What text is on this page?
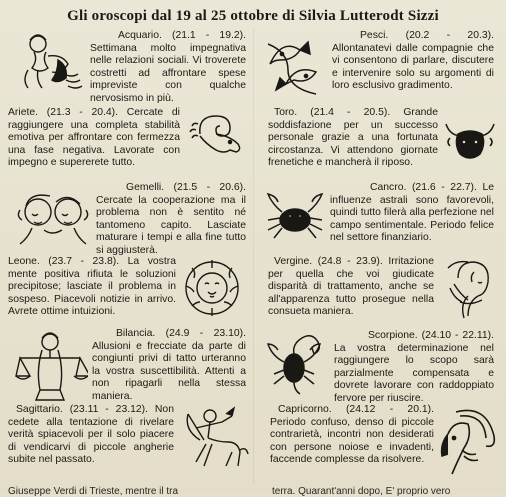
Gli oroscopi dal 19 al 25 ottobre di Silvia Lutterodt Sizzi
Acquario. (21.1 - 19.2). Settimana molto impegnativa nelle relazioni sociali. Vi troverete costretti ad affrontare spese impreviste con qualche nervosismo in più.
Pesci. (20.2 - 20.3). Allontanatevi dalle compagnie che vi consentono di parlare, discutere e intervenire solo su argomenti di loro esclusivo gradimento.
Ariete. (21.3 - 20.4). Cercate di raggiungere una completa stabilità emotiva per affrontare con fermezza una fase negativa. Lavorate con impegno e supererete tutto.
Toro. (21.4 - 20.5). Grande soddisfazione per un successo personale grazie a una fortunata circostanza. Vi attendono giornate frenetiche e mancherà il riposo.
Gemelli. (21.5 - 20.6). Cercate la cooperazione ma il problema non è sentito né tantomeno capito. Lasciate maturare i tempi e alla fine tutto si aggiusterà.
Cancro. (21.6 - 22.7). Le influenze astrali sono favorevoli, quindi tutto filerà alla perfezione nel campo sentimentale. Periodo felice nel settore finanziario.
Leone. (23.7 - 23.8). La vostra mente positiva rifiuta le soluzioni precipitose; lasciate il problema in sospeso. Piacevoli notizie in arrivo. Avrete ottime intuizioni.
Vergine. (24.8 - 23.9). Irritazione per quella che voi giudicate disparità di trattamento, anche se all'apparenza tutto prosegue nella consueta maniera.
Bilancia. (24.9 - 23.10). Allusioni e frecciate da parte di congiunti privi di tatto urteranno la vostra suscettibilità. Attenti a non ripagarli nella stessa maniera.
Scorpione. (24.10 - 22.11). La vostra determinazione nel raggiungere lo scopo sarà parzialmente compensata e dovrete lavorare con raddoppiato fervore per riuscire.
Sagittario. (23.11 - 23.12). Non cedete alla tentazione di rivelare verità spiacevoli per il solo piacere di vendicarvi di piccole angherie subite nel passato.
Capricorno. (24.12 - 20.1). Periodo confuso, denso di piccole contrarietà, incontri non desiderati con persone noiose e invadenti, faccende complesse da risolvere.
Giuseppe Verdi di Trieste, mentre il tra	terra. Quarant'anni dopo, E' proprio vero
